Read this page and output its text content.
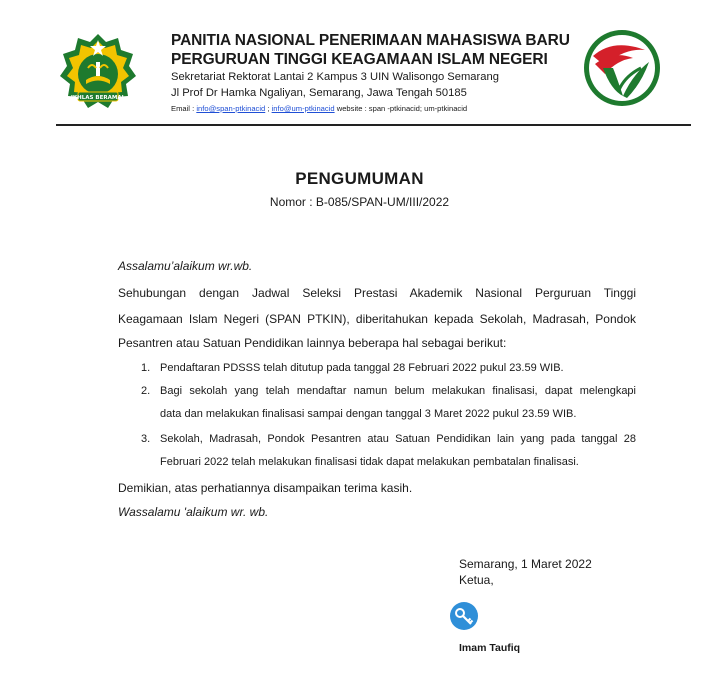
IKHLAS BERAMAL
PANITIA NASIONAL PENERIMAAN MAHASISWA BARU
PERGURUAN TINGGI KEAGAMAAN ISLAM NEGERI
Sekretariat Rektorat Lantai 2 Kampus 3 UIN Walisongo Semarang
Jl Prof Dr Hamka Ngaliyan, Semarang, Jawa Tengah 50185
Email : info@span-ptkinacid ; info@um-ptkinacid website : span -ptkinacid; um-ptkinacid
PENGUMUMAN
Nomor : B-085/SPAN-UM/III/2022
Assalamu’alaikum wr.wb.
Sehubungan dengan Jadwal Seleksi Prestasi Akademik Nasional Perguruan Tinggi
Keagamaan Islam Negeri (SPAN PTKIN), diberitahukan kepada Sekolah, Madrasah, Pondok
Pesantren atau Satuan Pendidikan lainnya beberapa hal sebagai berikut:
1. Pendaftaran PDSSS telah ditutup pada tanggal 28 Februari 2022 pukul 23.59 WIB.
2. Bagi sekolah yang telah mendaftar namun belum melakukan finalisasi, dapat melengkapi
data dan melakukan finalisasi sampai dengan tanggal 3 Maret 2022 pukul 23.59 WIB.
3. Sekolah, Madrasah, Pondok Pesantren atau Satuan Pendidikan lain yang pada tanggal 28
Februari 2022 telah melakukan finalisasi tidak dapat melakukan pembatalan finalisasi.
Demikian, atas perhatiannya disampaikan terima kasih.
Wassalamu 'alaikum wr. wb.
Semarang, 1 Maret 2022
Ketua,
Imam Taufiq
